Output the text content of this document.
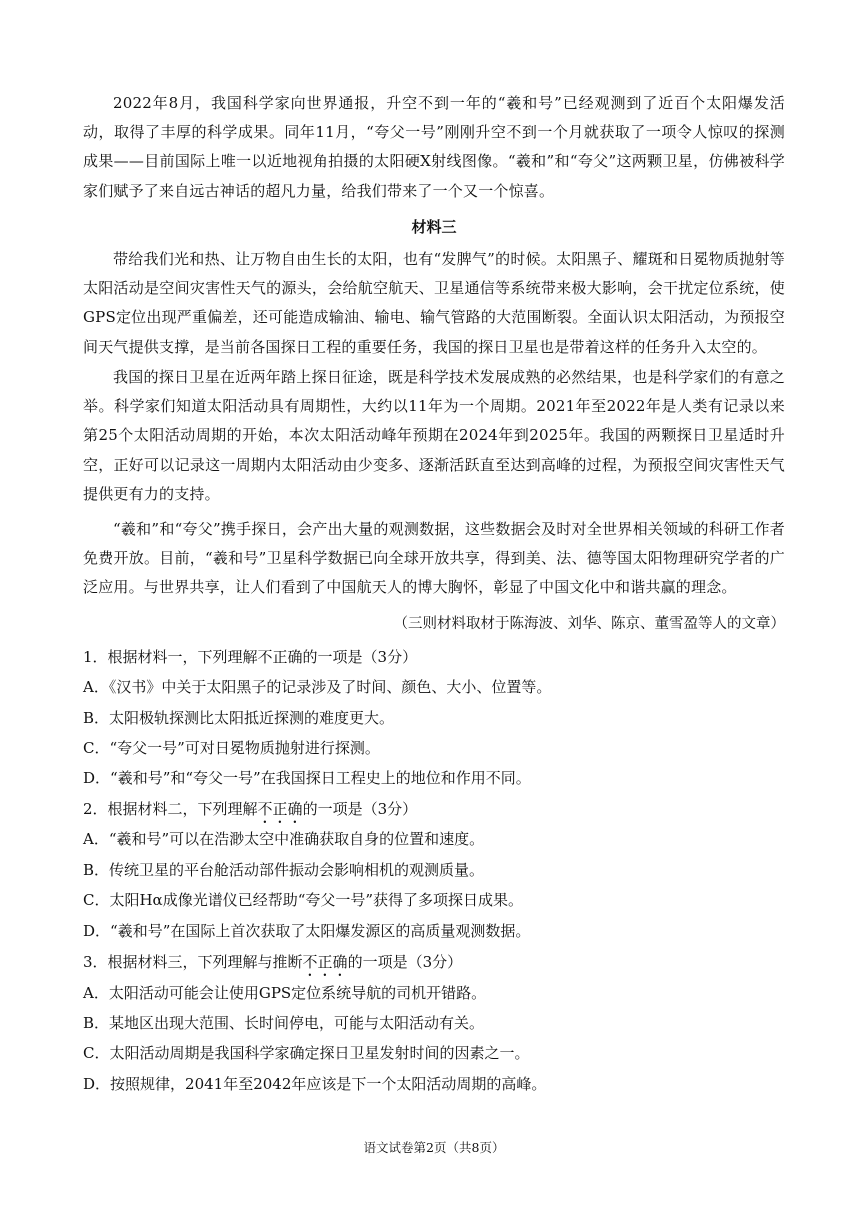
2022年8月，我国科学家向世界通报，升空不到一年的“羲和号”已经观测到了近百个太阳爆发活动，取得了丰厚的科学成果。同年11月，“夸父一号”刚刚升空不到一个月就获取了一项令人惊叹的探测成果——目前国际上唯一以近地视角拍摄的太阳硬X射线图像。“羲和”和“夸父”这两颗卫星，仿佛被科学家们赋予了来自远古神话的超凡力量，给我们带来了一个又一个惊喜。

材料三

带给我们光和热、让万物自由生长的太阳，也有“发脾气”的时候。太阳黑子、耀斑和日冕物质抛射等太阳活动是空间灾害性天气的源头，会给航空航天、卫星通信等系统带来极大影响，会干扰定位系统，使GPS定位出现严重偏差，还可能造成输油、输电、输气管路的大范围断裂。全面认识太阳活动，为预报空间天气提供支撑，是当前各国探日工程的重要任务，我国的探日卫星也是带着这样的任务升入太空的。

我国的探日卫星在近两年踏上探日征途，既是科学技术发展成熟的必然结果，也是科学家们的有意之举。科学家们知道太阳活动具有周期性，大约以11年为一个周期。2021年至2022年是人类有记录以来第25个太阳活动周期的开始，本次太阳活动峰年预期在2024年到2025年。我国的两颗探日卫星适时升空，正好可以记录这一周期内太阳活动由少变多、逐渐活跃直至达到高峰的过程，为预报空间灾害性天气提供更有力的支持。

“羲和”和“夸父”携手探日，会产出大量的观测数据，这些数据会及时对全世界相关领域的科研工作者免费开放。目前，“羲和号”卫星科学数据已向全球开放共享，得到美、法、德等国太阳物理研究学者的广泛应用。与世界共享，让人们看到了中国航天人的博大胸怀，彰显了中国文化中和谐共赢的理念。

（三则材料取材于陈海波、刘华、陈京、董雪盈等人的文章）

1．根据材料一，下列理解不正确的一项是（3分）

A．《汉书》中关于太阳黑子的记录涉及了时间、颜色、大小、位置等。

B．太阳极轨探测比太阳抵近探测的难度更大。

C．“夸父一号”可对日冕物质抛射进行探测。

D．“羲和号”和“夸父一号”在我国探日工程史上的地位和作用不同。

2．根据材料二，下列理解不正确的一项是（3分）

A．“羲和号”可以在浩渺太空中准确获取自身的位置和速度。

B．传统卫星的平台舱活动部件振动会影响相机的观测质量。

C．太阳Hα成像光谱仪已经帮助“夸父一号”获得了多项探日成果。

D．“羲和号”在国际上首次获取了太阳爆发源区的高质量观测数据。

3．根据材料三，下列理解与推断不正确的一项是（3分）

A．太阳活动可能会让使用GPS定位系统导航的司机开错路。

B．某地区出现大范围、长时间停电，可能与太阳活动有关。

C．太阳活动周期是我国科学家确定探日卫星发射时间的因素之一。

D．按照规律，2041年至2042年应该是下一个太阳活动周期的高峰。

语文试卷第2页（共8页）
